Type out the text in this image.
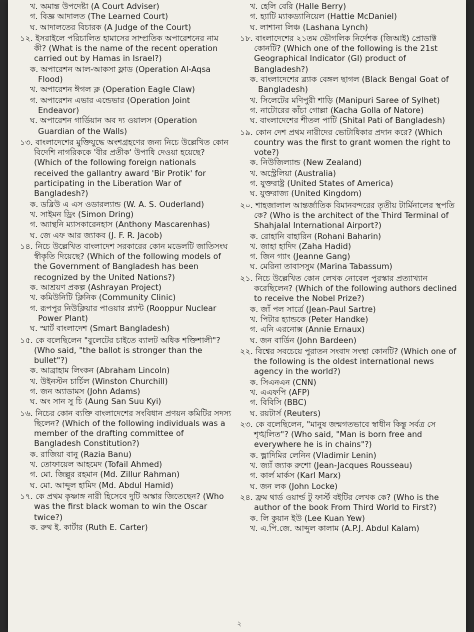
খ. অমান্ত উপদেষ্টা (A Court Adviser)
গ. বিজ্ঞ আদালত (The Learned Court)
ঘ. আদালতের বিচারক (A Judge of the Court)
১২. ইসরাইলে পরিচালিত হামাসের সাম্প্রতিক অপারেশনের নাম কী? (What is the name of the recent operation carried out by Hamas in Israel?)
ক. অপারেশন আল-আকসা ফ্লাড (Operation Al-Aqsa Flood)
খ. অপারেশন ঈগল ক্ল (Operation Eagle Claw)
গ. অপারেশন এভার এন্ডেভার (Operation Joint Endeavor)
ঘ. অপারেশন গার্ডিয়ান অব দ্য ওয়ালস (Operation Guardian of the Walls)
১৩. বাংলাদেশের মুক্তিযুদ্ধে অংশগ্রহণের জন্য নিচে উল্লেখিত কোন বিদেশি নাগরিককে 'বীর প্রতীক' উপাধি দেওয়া হয়েছে? (Which of the following foreign nationals received the gallantry award 'Bir Protik' for participating in the Liberation War of Bangladesh?)
ক. ডব্লিউ এ এস ওডারল্যান্ড (W. A. S. Ouderland)
খ. সাইমন ড্রিং (Simon Dring)
গ. অ্যান্থনি ম্যাসকারেনহাস (Anthony Mascarenhas)
ঘ. জে এফ আর জ্যাকব (J. F. R. Jacob)
১৪. নিচে উল্লেখিত বাংলাদেশ সরকারের কোন মডেলটি জাতিসংঘ স্বীকৃতি দিয়েছে? (Which of the following models of the Government of Bangladesh has been recognized by the United Nations?)
ক. আশ্রয়ণ প্রকল্প (Ashrayan Project)
খ. কমিউনিটি ক্লিনিক (Community Clinic)
গ. রূপপুর নিউক্লিয়ার পাওয়ার প্ল্যান্ট (Rooppur Nuclear Power Plant)
ঘ. স্মার্ট বাংলাদেশ (Smart Bangladesh)
১৫. কে বলেছিলেন "বুলেটের চাইতে ব্যালট অধিক শক্তিশালী"? (Who said, "the ballot is stronger than the bullet"?)
ক. আব্রাহাম লিংকন (Abraham Lincoln)
খ. উইনস্টন চার্চিল (Winston Churchill)
গ. জন অ্যাডামস (John Adams)
ঘ. অং সান সু চি (Aung San Suu Kyi)
১৬. নিচের কোন ব্যক্তি বাংলাদেশের সংবিধান প্রণয়ন কমিটির সদস্য ছিলেন? (Which of the following individuals was a member of the drafting committee of Bangladesh Constitution?)
ক. রাজিয়া বানু (Razia Banu)
খ. তোফায়েল আহমেদ (Tofail Ahmed)
গ. মো. জিল্লুর রহমান (Md. Zillur Rahman)
ঘ. মো. আব্দুল হামিদ (Md. Abdul Hamid)
১৭. কে প্রথম কৃষ্ণাঙ্গ নারী হিসেবে দুটি অস্কার জিতেছেন? (Who was the first black woman to win the Oscar twice?)
ক. রুথ ই. কার্টার (Ruth E. Carter)
খ. হেলি বেরি (Halle Berry)
গ. হ্যাটি ম্যাকড্যানিয়েল (Hattie McDaniel)
ঘ. লাশানা লিঞ্চ (Lashana Lynch)
১৮. বাংলাদেশের ২১তম ভৌগলিক নির্দেশক (জিআই) প্রোডাক্ট কোনটি? (Which one of the following is the 21st Geographical Indicator (GI) product of Bangladesh?)
ক. বাংলাদেশের ব্ল্যাক বেঙ্গল ছাগল (Black Bengal Goat of Bangladesh)
খ. সিলেটের মণিপুরী শাড়ি (Manipuri Saree of Sylhet)
গ. নাটোরের কাঁচা গোল্লা (Kacha Golla of Natore)
ঘ. বাংলাদেশের শীতল পাটি (Shital Pati of Bangladesh)
১৯. কোন দেশ প্রথম নারীদের ভোটাধিকার প্রদান করে? (Which country was the first to grant women the right to vote?)
ক. নিউজিল্যান্ড (New Zealand)
খ. অস্ট্রেলিয়া (Australia)
গ. যুক্তরাষ্ট্র (United States of America)
ঘ. যুক্তরাজ্য (United Kingdom)
২০. শাহজালাল আন্তর্জাতিক বিমানবন্দরের তৃতীয় টার্মিনালের স্থপতি কে? (Who is the architect of the Third Terminal of Shahjalal International Airport?)
ক. রোহানি বাহারিন (Rohani Baharin)
খ. জাহা হাদিদ (Zaha Hadid)
গ. জিন গ্যাং (Jeanne Gang)
ঘ. মেরিনা তাবাসসুম (Marina Tabassum)
২১. নিচে উল্লেখিত কোন লেখক নোবেল পুরস্কার প্রত্যাখ্যান করেছিলেন? (Which of the following authors declined to receive the Nobel Prize?)
ক. জাঁ পল সার্ত্রে (Jean-Paul Sartre)
খ. পিটার হ্যান্ডকে (Peter Handke)
গ. এনি এরনোক্স (Annie Ernaux)
ঘ. জন বার্ডিন (John Bardeen)
২২. বিশ্বের সবচেয়ে পুরাতন সংবাদ সংস্থা কোনটি? (Which one of the following is the oldest international news agency in the world?)
ক. সিএনএন (CNN)
খ. এএফপি (AFP)
গ. বিবিসি (BBC)
ঘ. রয়টার্স (Reuters)
২৩. কে বলেছিলেন, "মানুষ জন্মগতভাবে স্বাধীন কিন্তু সর্বত্র সে শৃঙ্খলিত"? (Who said, "Man is born free and everywhere he is in chains"?)
ক. ভ্লাদিমির লেনিন (Vladimir Lenin)
খ. জ্যাঁ জ্যাক রুশো (Jean-Jacques Rousseau)
গ. কার্ল মার্কস (Karl Marx)
ঘ. জন লক (John Locke)
২৪. ফ্রম থার্ড ওয়ার্ল্ড টু ফার্স্ট বইটির লেখক কে? (Who is the author of the book From Third World to First?)
ক. লি কুয়ান ইউ (Lee Kuan Yew)
খ. এ.পি.জে. আব্দুল কালাম (A.P.J. Abdul Kalam)
২
